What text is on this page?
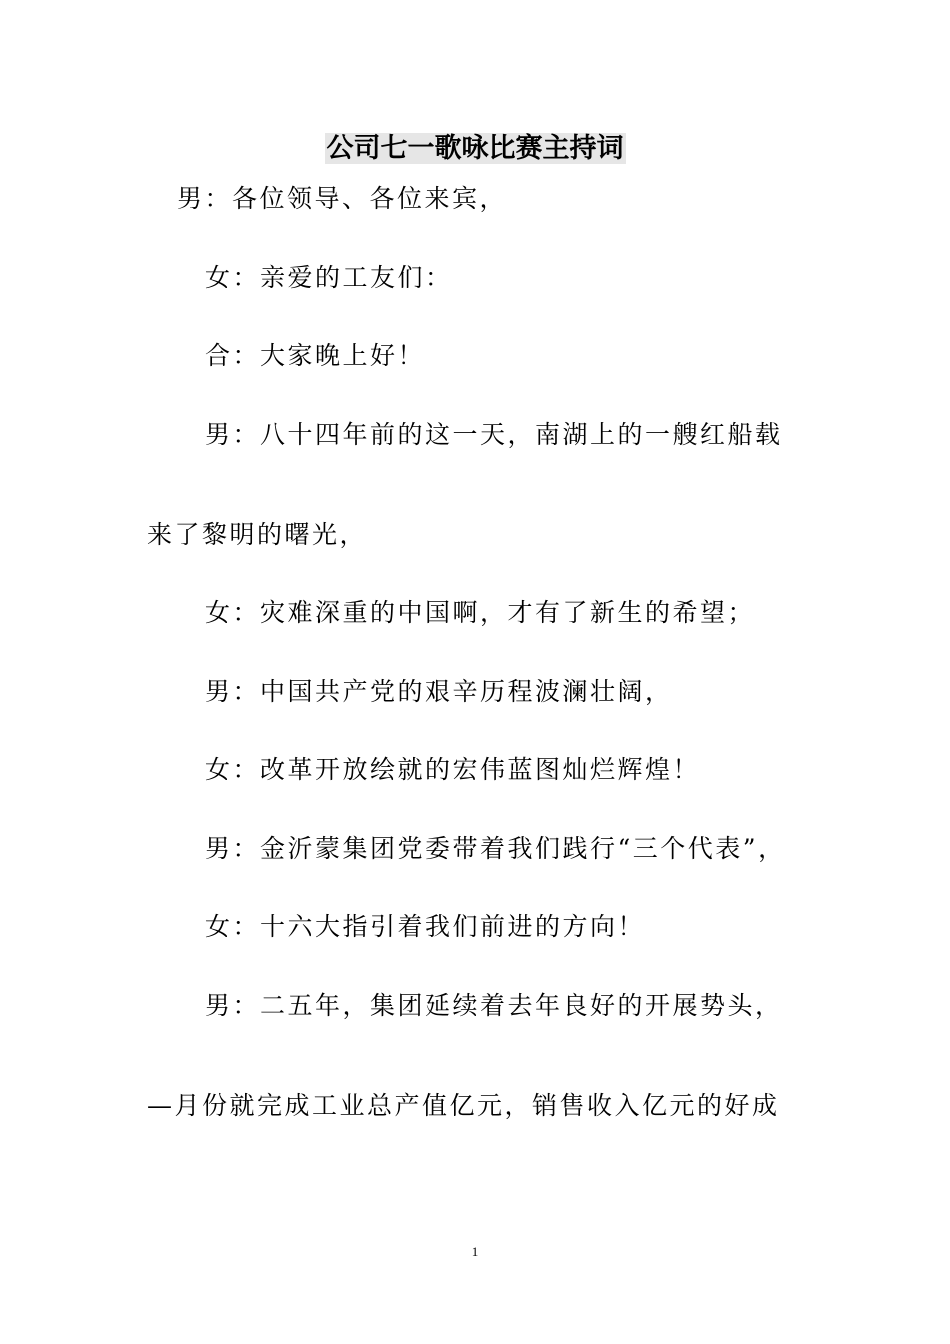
公司七一歌咏比赛主持词

男：各位领导、各位来宾，

女：亲爱的工友们：

合：大家晚上好！

男：八十四年前的这一天，南湖上的一艘红船载

来了黎明的曙光，

女：灾难深重的中国啊，才有了新生的希望；

男：中国共产党的艰辛历程波澜壮阔，

女：改革开放绘就的宏伟蓝图灿烂辉煌！

男：金沂蒙集团党委带着我们践行“三个代表”，

女：十六大指引着我们前进的方向！

男：二五年，集团延续着去年良好的开展势头，

—月份就完成工业总产值亿元，销售收入亿元的好成

1
